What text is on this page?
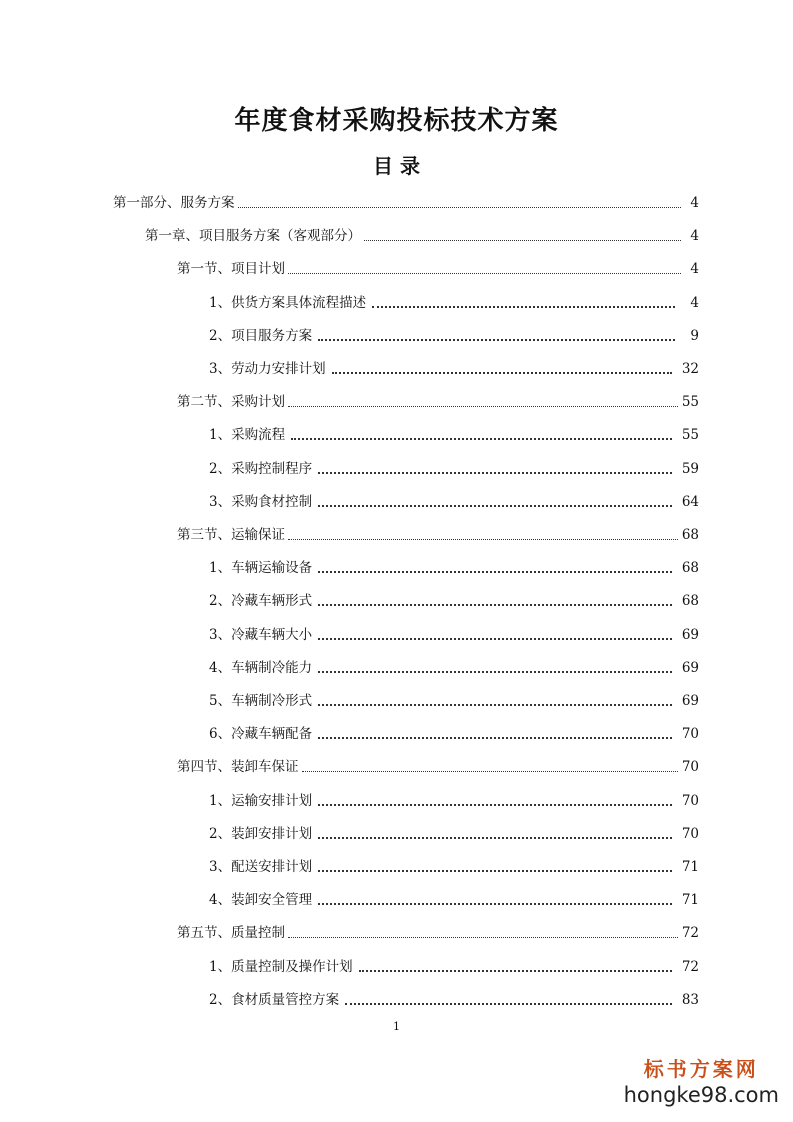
年度食材采购投标技术方案
目 录
第一部分、服务方案	4
第一章、项目服务方案（客观部分）	4
第一节、项目计划	4
1、供货方案具体流程描述	4
2、项目服务方案	9
3、劳动力安排计划	32
第二节、采购计划	55
1、采购流程	55
2、采购控制程序	59
3、采购食材控制	64
第三节、运输保证	68
1、车辆运输设备	68
2、冷藏车辆形式	68
3、冷藏车辆大小	69
4、车辆制冷能力	69
5、车辆制冷形式	69
6、冷藏车辆配备	70
第四节、装卸车保证	70
1、运输安排计划	70
2、装卸安排计划	70
3、配送安排计划	71
4、装卸安全管理	71
第五节、质量控制	72
1、质量控制及操作计划	72
2、食材质量管控方案	83
1
标书方案网
hongke98.com
